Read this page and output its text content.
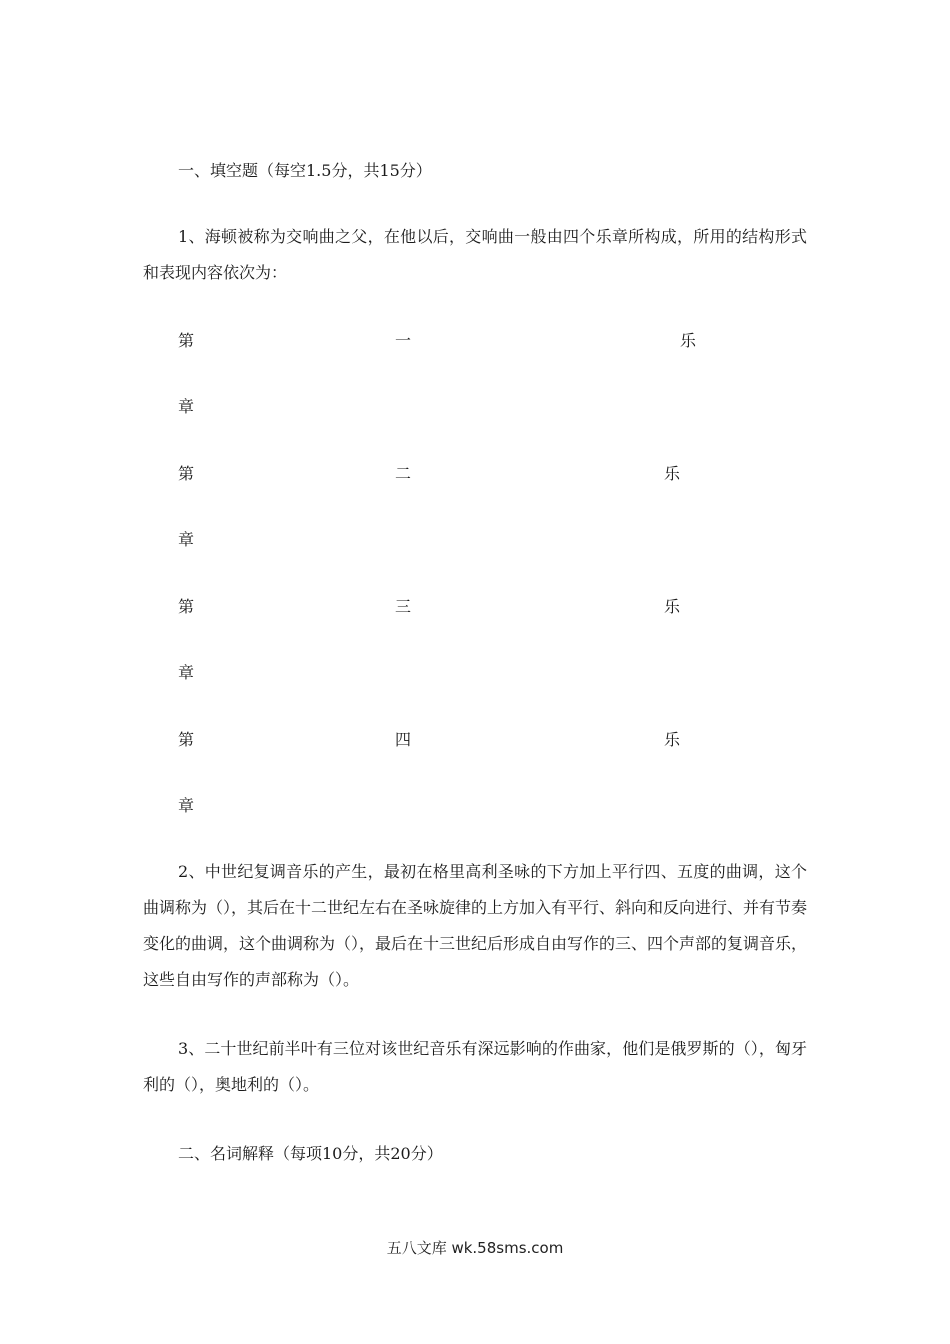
一、填空题（每空1.5分，共15分）
1、海顿被称为交响曲之父，在他以后，交响曲一般由四个乐章所构成，所用的结构形式和表现内容依次为：
第	一	乐
章
第	二	乐
章
第	三	乐
章
第	四	乐
章
2、中世纪复调音乐的产生，最初在格里高利圣咏的下方加上平行四、五度的曲调，这个曲调称为（），其后在十二世纪左右在圣咏旋律的上方加入有平行、斜向和反向进行、并有节奏变化的曲调，这个曲调称为（），最后在十三世纪后形成自由写作的三、四个声部的复调音乐，这些自由写作的声部称为（）。
3、二十世纪前半叶有三位对该世纪音乐有深远影响的作曲家，他们是俄罗斯的（），匈牙利的（），奥地利的（）。
二、名词解释（每项10分，共20分）
五八文库 wk.58sms.com
